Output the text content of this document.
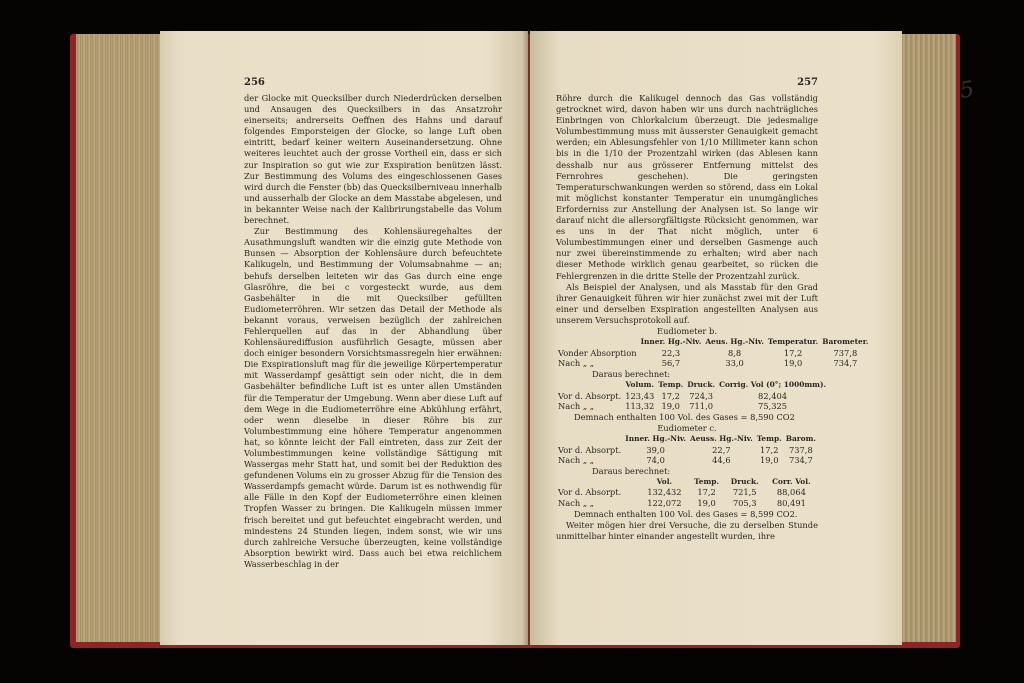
256

der Glocke mit Quecksilber durch Niederdrücken derselben und Ansaugen des Quecksilbers in das Ansatzrohr einerseits; andrerseits Oeffnen des Hahns und darauf folgendes Emporsteigen der Glocke, so lange Luft oben eintritt, bedarf keiner weitern Auseinandersetzung. Ohne weiteres leuchtet auch der grosse Vortheil ein, dass er sich zur Inspiration so gut wie zur Exspiration benützen lässt. Zur Bestimmung des Volums des eingeschlossenen Gases wird durch die Fenster (bb) das Quecksilberniveau innerhalb und ausserhalb der Glocke an dem Masstabe abgelesen, und in bekannter Weise nach der Kalibrirungstabelle das Volum berechnet.

Zur Bestimmung des Kohlensäuregehaltes der Ausathmungsluft wandten wir die einzig gute Methode von Bunsen — Absorption der Kohlensäure durch befeuchtete Kalikugeln, und Bestimmung der Volumsabnahme — an; behufs derselben leiteten wir das Gas durch eine enge Glasröhre, die bei c vorgesteckt wurde, aus dem Gasbehälter in die mit Quecksilber gefüllten Eudiometerröhren. Wir setzen das Detail der Methode als bekannt voraus, verweisen bezüglich der zahlreichen Fehlerquellen auf das in der Abhandlung über Kohlensäurediffusion ausführlich Gesagte, müssen aber doch einiger besondern Vorsichtsmassregeln hier erwähnen: Die Exspirationsluft mag für die jeweilige Körpertemperatur mit Wasserdampf gesättigt sein oder nicht, die in dem Gasbehälter befindliche Luft ist es unter allen Umständen für die Temperatur der Umgebung. Wenn aber diese Luft auf dem Wege in die Eudiometerröhre eine Abkühlung erfährt, oder wenn dieselbe in dieser Röhre bis zur Volumbestimmung eine höhere Temperatur angenommen hat, so könnte leicht der Fall eintreten, dass zur Zeit der Volumbestimmungen keine vollständige Sättigung mit Wassergas mehr Statt hat, und somit bei der Reduktion des gefundenen Volums ein zu grosser Abzug für die Tension des Wasserdampfs gemacht würde. Darum ist es nothwendig für alle Fälle in den Kopf der Eudiometerröhre einen kleinen Tropfen Wasser zu bringen. Die Kalikugeln müssen immer frisch bereitet und gut befeuchtet eingebracht werden, und mindestens 24 Stunden liegen, indem sonst, wie wir uns durch zahlreiche Versuche überzeugten, keine vollständige Absorption bewirkt wird. Dass auch bei etwa reichlichem Wasserbeschlag in der

257

Röhre durch die Kalikugel dennoch das Gas vollständig getrocknet wird, davon haben wir uns durch nachträgliches Einbringen von Chlorkalcium überzeugt. Die jedesmalige Volumbestimmung muss mit äusserster Genauigkeit gemacht werden; ein Ablesungsfehler von 1/10 Millimeter kann schon bis in die 1/10 der Prozentzahl wirken (das Ablesen kann desshalb nur aus grösserer Entfernung mittelst des Fernrohres geschehen). Die geringsten Temperaturschwankungen werden so störend, dass ein Lokal mit möglichst konstanter Temperatur ein unumgängliches Erforderniss zur Anstellung der Analysen ist. So lange wir darauf nicht die allersorgfältigste Rücksicht genommen, war es uns in der That nicht möglich, unter 6 Volumbestimmungen einer und derselben Gasmenge auch nur zwei übereinstimmende zu erhalten; wird aber nach dieser Methode wirklich genau gearbeitet, so rücken die Fehlergrenzen in die dritte Stelle der Prozentzahl zurück.

Als Beispiel der Analysen, und als Masstab für den Grad ihrer Genauigkeit führen wir hier zunächst zwei mit der Luft einer und derselben Exspiration angestellten Analysen aus unserem Versuchsprotokoll auf.

Eudiometer b.
	Inner. Hg.-Niv.	Aeus. Hg.-Niv.	Temperatur.	Barometer.
Vonder Absorption	22,3	8,8	17,2	737,8
Nach „ „	56,7	33,0	19,0	734,7
Daraus berechnet:
	Volum.	Temp.	Druck.	Corrig. Vol (0°; 1000mm).
Vor d. Absorpt.	123,43	17,2	724,3	82,404
Nach „ „	113,32	19,0	711,0	75,325
Demnach enthalten 100 Vol. des Gases = 8,590 CO2
Eudiometer c.
	Inner. Hg.-Niv.	Aeuss. Hg.-Niv.	Temp.	Barom.
Vor d. Absorpt.	39,0	22,7	17,2	737,8
Nach „ „	74,0	44,6	19,0	734,7
Daraus berechnet:
	Vol.	Temp.	Druck.	Corr. Vol.
Vor d. Absorpt.	132,432	17,2	721,5	88,064
Nach „ „	122,072	19,0	705,3	80,491
Demnach enthalten 100 Vol. des Gases = 8,599 CO2.

Weiter mögen hier drei Versuche, die zu derselben Stunde unmittelbar hinter einander angestellt wurden, ihre

5
